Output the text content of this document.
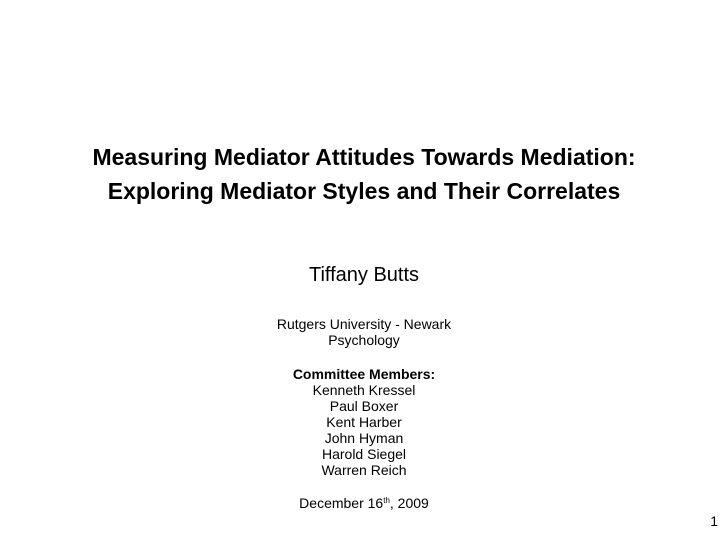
Measuring Mediator Attitudes Towards Mediation:
Exploring Mediator Styles and Their Correlates
Tiffany Butts
Rutgers University - Newark
Psychology
Committee Members:
Kenneth Kressel
Paul Boxer
Kent Harber
John Hyman
Harold Siegel
Warren Reich
December 16th, 2009
1
